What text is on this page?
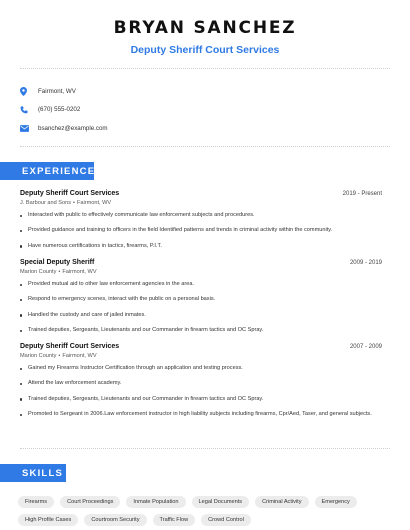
BRYAN SANCHEZ
Deputy Sheriff Court Services
Fairmont, WV
(670) 555-0202
bsanchez@example.com
EXPERIENCE
Deputy Sheriff Court Services	2019 - Present
J. Barbour and Sons • Fairmont, WV
Interacted with public to effectively communicate law enforcement subjects and procedures.
Provided guidance and training to officers in the field Identified patterns and trends in criminal activity within the community.
Have numerous certifications in tactics, firearms, P.I.T.
Special Deputy Sheriff	2009 - 2019
Marion County • Fairmont, WV
Provided mutual aid to other law enforcement agencies in the area.
Respond to emergency scenes, interact with the public on a personal basis.
Handled the custody and care of jailed inmates.
Trained deputies, Sergeants, Lieutenants and our Commander in firearm tactics and OC Spray.
Deputy Sheriff Court Services	2007 - 2009
Marion County • Fairmont, WV
Gained my Firearms Instructor Certification through an application and testing process.
Attend the law enforcement academy.
Trained deputies, Sergeants, Lieutenants and our Commander in firearm tactics and OC Spray.
Promoted to Sergeant in 2006.Law enforcement instructor in high liability subjects including firearms, Cpr/Aed, Taser, and general subjects.
SKILLS
Firearms	Court Proceedings	Inmate Population	Legal Documents	Criminal Activity	Emergency
High Profile Cases	Courtroom Security	Traffic Flow	Crowd Control
